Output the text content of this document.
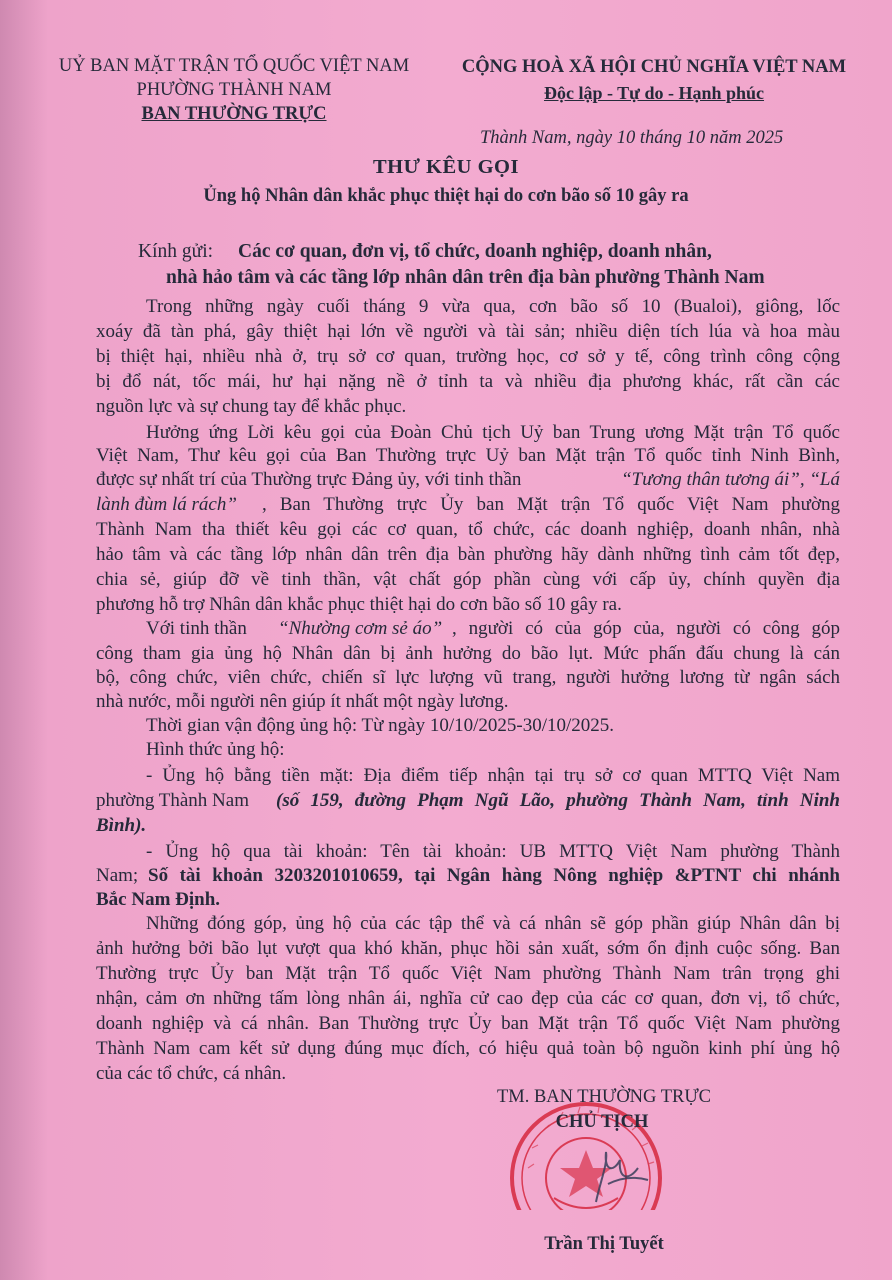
UỶ BAN MẶT TRẬN TỔ QUỐC VIỆT NAM
PHƯỜNG THÀNH NAM
BAN THƯỜNG TRỰC
CỘNG HOÀ XÃ HỘI CHỦ NGHĨA VIỆT NAM
Độc lập - Tự do - Hạnh phúc
Thành Nam, ngày 10 tháng 10 năm 2025
THƯ KÊU GỌI
Ủng hộ Nhân dân khắc phục thiệt hại do cơn bão số 10 gây ra
Kính gửi: Các cơ quan, đơn vị, tổ chức, doanh nghiệp, doanh nhân,
nhà hảo tâm và các tầng lớp nhân dân trên địa bàn phường Thành Nam
Trong những ngày cuối tháng 9 vừa qua, cơn bão số 10 (Bualoi), giông, lốc
xoáy đã tàn phá, gây thiệt hại lớn về người và tài sản; nhiều diện tích lúa và hoa màu
bị thiệt hại, nhiều nhà ở, trụ sở cơ quan, trường học, cơ sở y tế, công trình công cộng
bị đổ nát, tốc mái, hư hại nặng nề ở tỉnh ta và nhiều địa phương khác, rất cần các
nguồn lực và sự chung tay để khắc phục.
Hưởng ứng Lời kêu gọi của Đoàn Chủ tịch Uỷ ban Trung ương Mặt trận Tổ quốc
Việt Nam, Thư kêu gọi của Ban Thường trực Uỷ ban Mặt trận Tổ quốc tỉnh Ninh Bình,
được sự nhất trí của Thường trực Đảng ủy, với tinh thần	“Tương thân tương ái”, “Lá
lành đùm lá rách” , Ban Thường trực Ủy ban Mặt trận Tổ quốc Việt Nam phường
Thành Nam tha thiết kêu gọi các cơ quan, tổ chức, các doanh nghiệp, doanh nhân, nhà
hảo tâm và các tầng lớp nhân dân trên địa bàn phường hãy dành những tình cảm tốt đẹp,
chia sẻ, giúp đỡ về tinh thần, vật chất góp phần cùng với cấp ủy, chính quyền địa
phương hỗ trợ Nhân dân khắc phục thiệt hại do cơn bão số 10 gây ra.
Với tinh thần “Nhường cơm sẻ áo” , người có của góp của, người có công góp
công tham gia ủng hộ Nhân dân bị ảnh hưởng do bão lụt. Mức phấn đấu chung là cán
bộ, công chức, viên chức, chiến sĩ lực lượng vũ trang, người hưởng lương từ ngân sách
nhà nước, mỗi người nên giúp ít nhất một ngày lương.
Thời gian vận động ủng hộ: Từ ngày 10/10/2025-30/10/2025.
Hình thức ủng hộ:
- Ủng hộ bằng tiền mặt: Địa điểm tiếp nhận tại trụ sở cơ quan MTTQ Việt Nam
phường Thành Nam (số 159, đường Phạm Ngũ Lão, phường Thành Nam, tỉnh Ninh
Bình).
- Ủng hộ qua tài khoản: Tên tài khoản: UB MTTQ Việt Nam phường Thành
Nam; Số tài khoản 3203201010659, tại Ngân hàng Nông nghiệp &PTNT chi nhánh
Bắc Nam Định.
Những đóng góp, ủng hộ của các tập thể và cá nhân sẽ góp phần giúp Nhân dân bị
ảnh hưởng bởi bão lụt vượt qua khó khăn, phục hồi sản xuất, sớm ổn định cuộc sống. Ban
Thường trực Ủy ban Mặt trận Tổ quốc Việt Nam phường Thành Nam trân trọng ghi
nhận, cảm ơn những tấm lòng nhân ái, nghĩa cử cao đẹp của các cơ quan, đơn vị, tổ chức,
doanh nghiệp và cá nhân. Ban Thường trực Ủy ban Mặt trận Tổ quốc Việt Nam phường
Thành Nam cam kết sử dụng đúng mục đích, có hiệu quả toàn bộ nguồn kinh phí ủng hộ
của các tổ chức, cá nhân.
TM. BAN THƯỜNG TRỰC
CHỦ TỊCH
Trần Thị Tuyết
